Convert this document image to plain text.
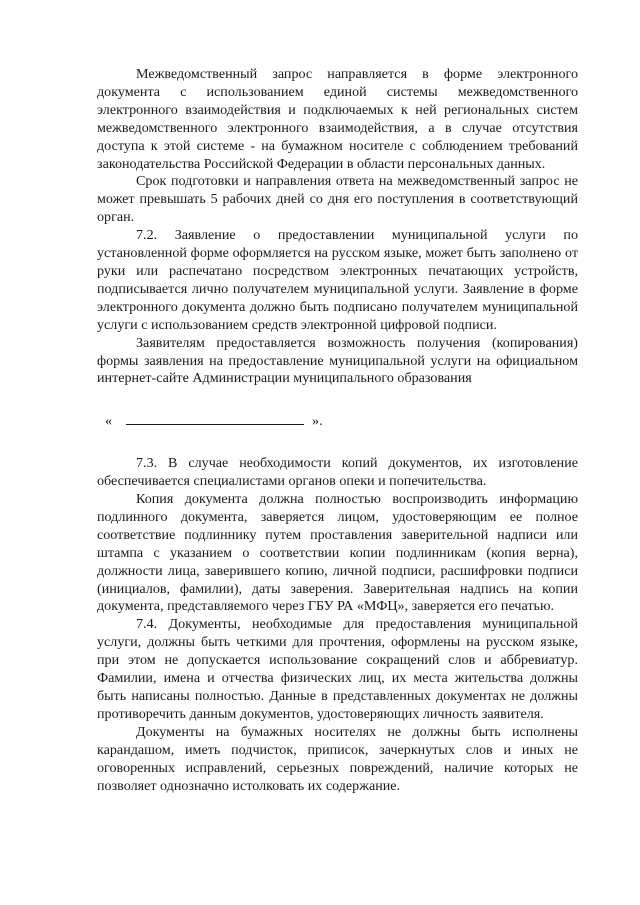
Межведомственный запрос направляется в форме электронного документа с использованием единой системы межведомственного электронного взаимодействия и подключаемых к ней региональных систем межведомственного электронного взаимодействия, а в случае отсутствия доступа к этой системе - на бумажном носителе с соблюдением требований законодательства Российской Федерации в области персональных данных.

Срок подготовки и направления ответа на межведомственный запрос не может превышать 5 рабочих дней со дня его поступления в соответствующий орган.

7.2. Заявление о предоставлении муниципальной услуги по установленной форме оформляется на русском языке, может быть заполнено от руки или распечатано посредством электронных печатающих устройств, подписывается лично получателем муниципальной услуги. Заявление в форме электронного документа должно быть подписано получателем муниципальной услуги с использованием средств электронной цифровой подписи.

Заявителям предоставляется возможность получения (копирования) формы заявления на предоставление муниципальной услуги на официальном интернет-сайте Администрации муниципального образования

«	».

7.3. В случае необходимости копий документов, их изготовление обеспечивается специалистами органов опеки и попечительства.

Копия документа должна полностью воспроизводить информацию подлинного документа, заверяется лицом, удостоверяющим ее полное соответствие подлиннику путем проставления заверительной надписи или штампа с указанием о соответствии копии подлинникам (копия верна), должности лица, заверившего копию, личной подписи, расшифровки подписи (инициалов, фамилии), даты заверения. Заверительная надпись на копии документа, представляемого через ГБУ РА «МФЦ», заверяется его печатью.

7.4. Документы, необходимые для предоставления муниципальной услуги, должны быть четкими для прочтения, оформлены на русском языке, при этом не допускается использование сокращений слов и аббревиатур. Фамилии, имена и отчества физических лиц, их места жительства должны быть написаны полностью. Данные в представленных документах не должны противоречить данным документов, удостоверяющих личность заявителя.

Документы на бумажных носителях не должны быть исполнены карандашом, иметь подчисток, приписок, зачеркнутых слов и иных не оговоренных исправлений, серьезных повреждений, наличие которых не позволяет однозначно истолковать их содержание.
